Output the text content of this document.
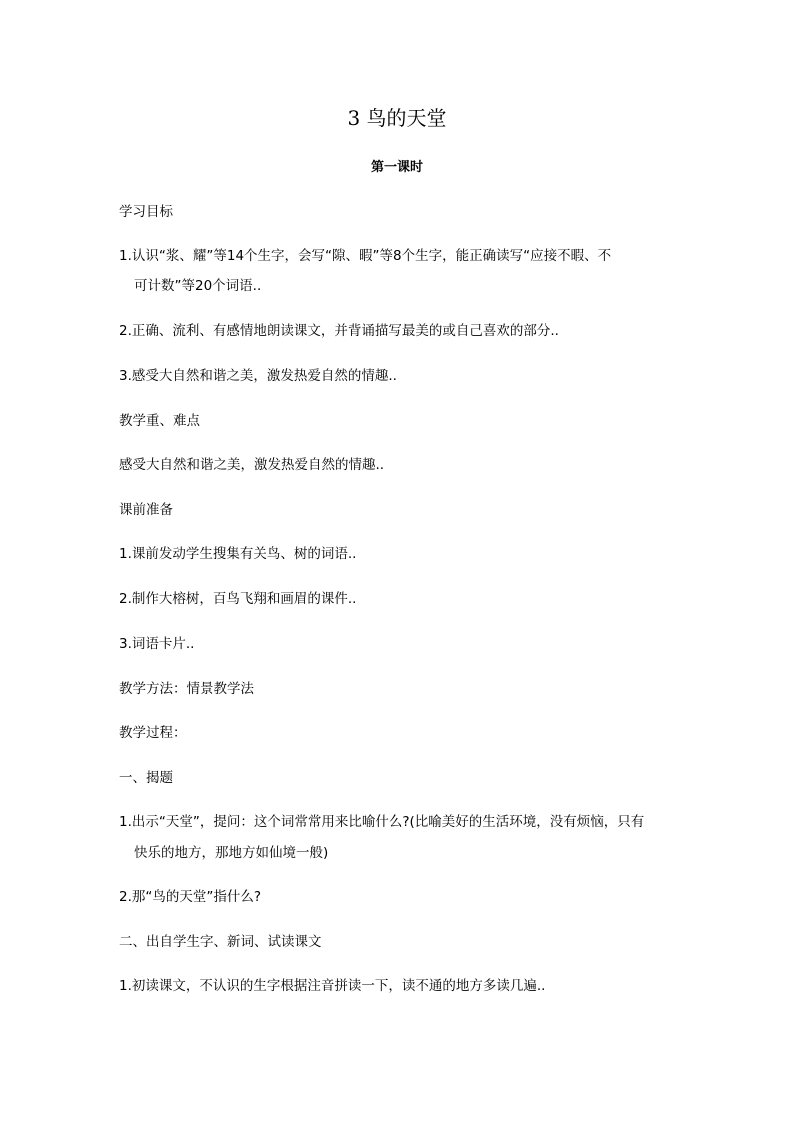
3 鸟的天堂
第一课时
学习目标
1.认识“浆、耀”等14个生字，会写“隙、暇”等8个生字，能正确读写“应接不暇、不
可计数”等20个词语..
2.正确、流利、有感情地朗读课文，并背诵描写最美的或自己喜欢的部分..
3.感受大自然和谐之美，激发热爱自然的情趣..
教学重、难点
感受大自然和谐之美，激发热爱自然的情趣..
课前准备
1.课前发动学生搜集有关鸟、树的词语..
2.制作大榕树，百鸟飞翔和画眉的课件..
3.词语卡片..
教学方法：情景教学法
教学过程：
一、揭题
1.出示“天堂”，提问：这个词常常用来比喻什么?(比喻美好的生活环境，没有烦恼，只有
快乐的地方，那地方如仙境一般)
2.那“鸟的天堂”指什么?
二、出自学生字、新词、试读课文
1.初读课文，不认识的生字根据注音拼读一下，读不通的地方多读几遍..
